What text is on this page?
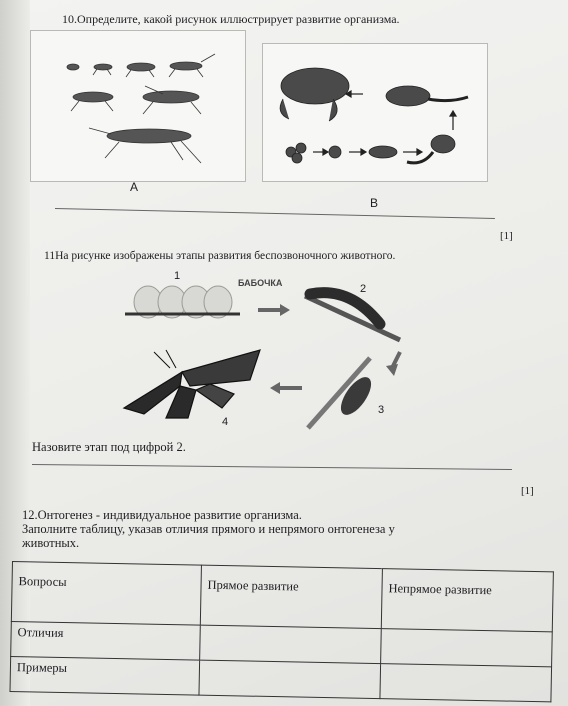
10.Определите, какой рисунок иллюстрирует развитие организма.
А
В
[1]
11На рисунке изображены этапы развития беспозвоночного животного.
БАБОЧКА
1
2
3
4
Назовите этап под цифрой 2.
[1]
12.Онтогенез - индивидуальное развитие организма.
Заполните таблицу, указав отличия прямого и непрямого онтогенеза у
животных.
Вопросы	Прямое развитие	Непрямое развитие
Отличия		
Примеры		
